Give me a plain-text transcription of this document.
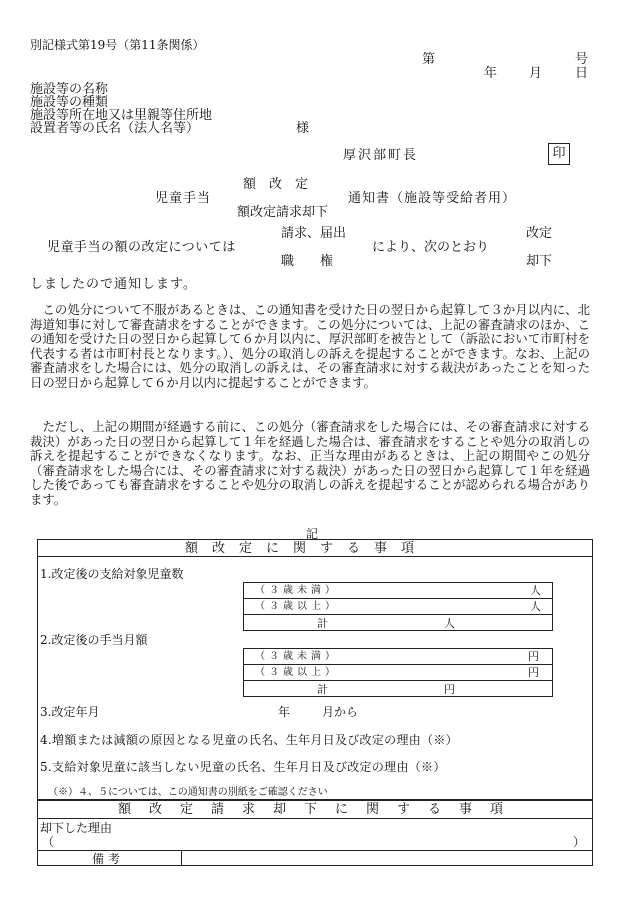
別記様式第19号（第11条関係）
第	号
年 月	日
施設等の名称
施設等の種類
施設等所在地又は里親等住所地
設置者等の氏名（法人名等）	様
厚沢部町長	印
額　改　定
児童手当	通知書（施設等受給者用）
額改定請求却下
請求、届出	改定
児童手当の額の改定については	により、次のとおり
職　　権	却下
しましたので通知します。
　この処分について不服があるときは、この通知書を受けた日の翌日から起算して３か月以内に、北海道知事に対して審査請求をすることができます。この処分については、上記の審査請求のほか、この通知を受けた日の翌日から起算して６か月以内に、厚沢部町を被告として（訴訟において市町村を代表する者は市町村長となります。）、処分の取消しの訴えを提起することができます。なお、上記の審査請求をした場合には、処分の取消しの訴えは、その審査請求に対する裁決があったことを知った日の翌日から起算して６か月以内に提起することができます。
　ただし、上記の期間が経過する前に、この処分（審査請求をした場合には、その審査請求に対する裁決）があった日の翌日から起算して１年を経過した場合は、審査請求をすることや処分の取消しの訴えを提起することができなくなります。なお、正当な理由があるときは、上記の期間やこの処分（審査請求をした場合には、その審査請求に対する裁決）があった日の翌日から起算して１年を経過した後であっても審査請求をすることや処分の取消しの訴えを提起することが認められる場合があります。
記
額改定に関する事項
1.改定後の支給対象児童数
（３歳未満）	人
（３歳以上）	人
計	人
2.改定後の手当月額
（３歳未満）	円
（３歳以上）	円
計	円
3.改定年月	年	月から
4.増額または減額の原因となる児童の氏名、生年月日及び改定の理由（※）
5.支給対象児童に該当しない児童の氏名、生年月日及び改定の理由（※）
（※）４、５については、この通知書の別紙をご確認ください
額改定請求却下に関する事項
却下した理由
（	）
備考
